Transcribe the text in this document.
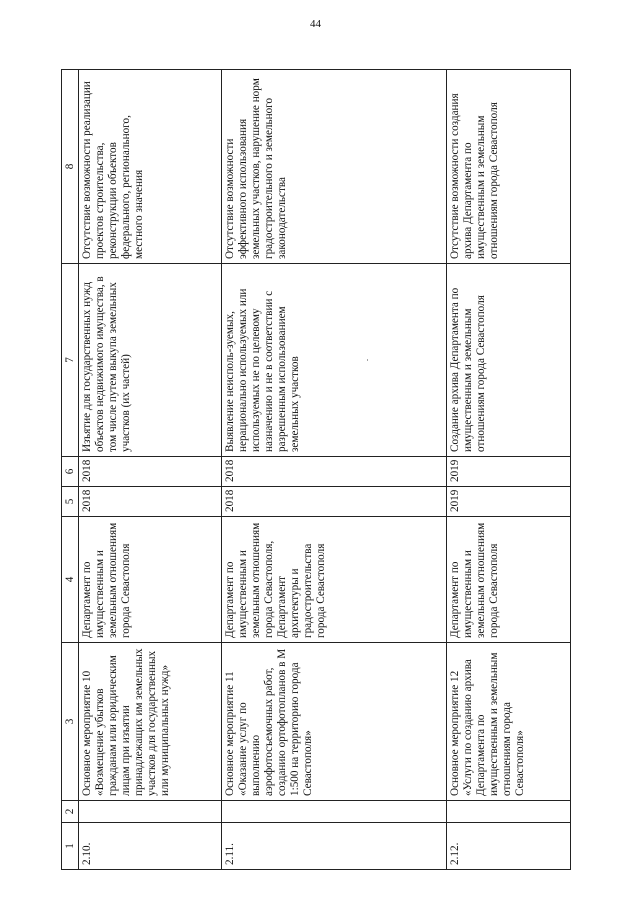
44
1	2	3	4	5	6	7	8
2.10.		Основное мероприятие 10 «Возмещение убытков гражданам или юридическим лицам при изъятии принадлежащих им земельных участков для государственных или муниципальных нужд»	Департамент по имущественным и земельным отношениям города Севастополя	2018	2018	Изъятие для государственных нужд объектов недвижимого имущества, в том числе путем выкупа земельных участков (их частей)	Отсутствие возможности реализации проектов строительства, реконструкции объектов федерального, регионального, местного значения
2.11.		Основное мероприятие 11 «Оказание услуг по выполнению аэрофотосъемочных работ, созданию ортофотопланов в М 1:500 на территорию города Севастополя»	Департамент по имущественным и земельным отношениям города Севастополя, Департамент архитектуры и градостроительства города Севастополя	2018	2018	Выявление неисполь-зуемых, нерационально используемых или используемых не по целевому назначению и не в соответствии с разрешенным использованием земельных участков .	Отсутствие возможности эффективного использования земельных участков, нарушение норм градостроительного и земельного законодательства
2.12.		Основное мероприятие 12 «Услуги по созданию архива Департамента по имущественным и земельным отношениям города Севастополя»	Департамент по имущественным и земельным отношениям города Севастополя	2019	2019	Создание архива Департамента по имущественным и земельным отношениям города Севастополя	Отсутствие возможности создания архива Департамента по имущественным и земельным отношениям города Севастополя
